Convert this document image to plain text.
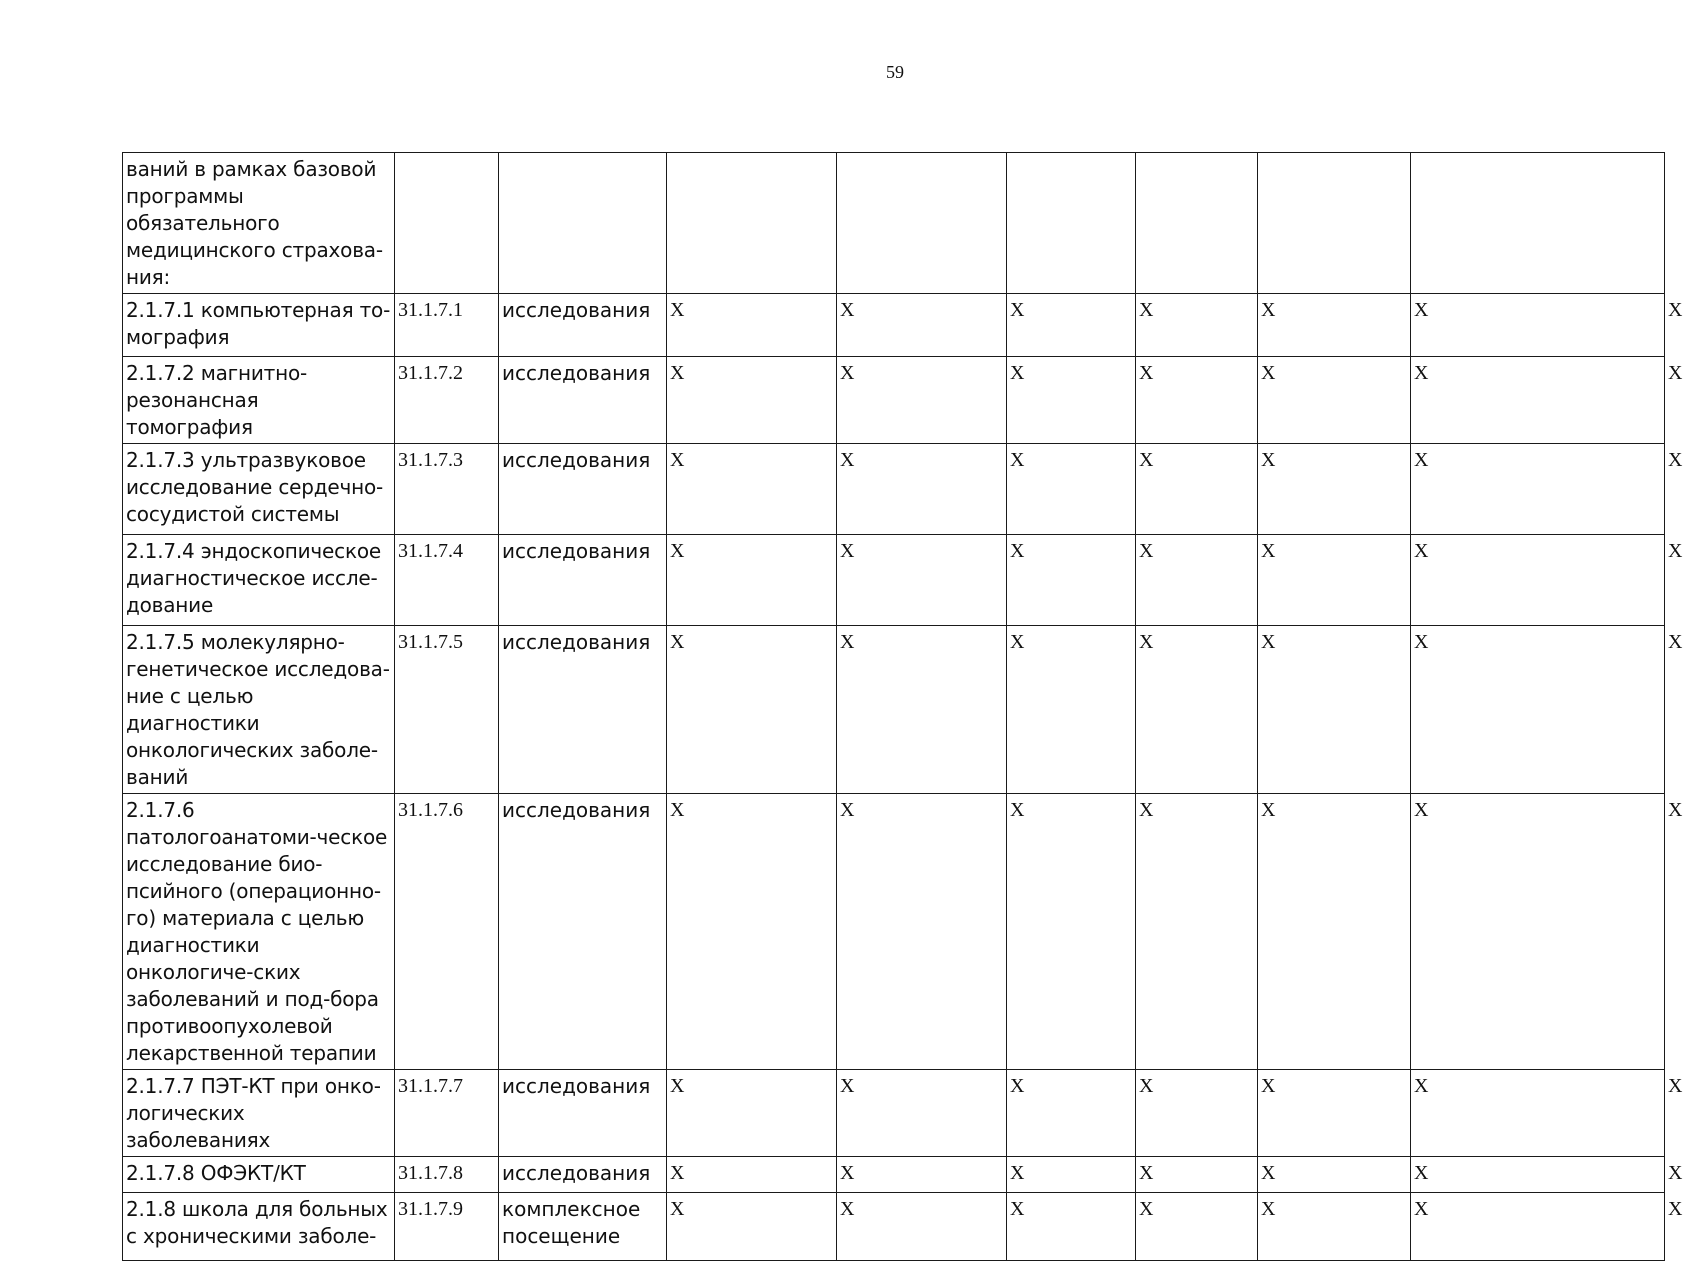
59
ваний в рамках базовой программы обязательного медицинского страхова-ния:									
2.1.7.1 компьютерная то-мография	31.1.7.1	исследования	X	X	X	X	X	X	X
2.1.7.2 магнитно-резонансная томография	31.1.7.2	исследования	X	X	X	X	X	X	X
2.1.7.3 ультразвуковое исследование сердечно-сосудистой системы	31.1.7.3	исследования	X	X	X	X	X	X	X
2.1.7.4 эндоскопическое диагностическое иссле-дование	31.1.7.4	исследования	X	X	X	X	X	X	X
2.1.7.5 молекулярно-генетическое исследова-ние с целью диагностики онкологических заболе-ваний	31.1.7.5	исследования	X	X	X	X	X	X	X
2.1.7.6 патологоанатоми-ческое исследование био-псийного (операционно-го) материала с целью диагностики онкологиче-ских заболеваний и под-бора противоопухолевой лекарственной терапии	31.1.7.6	исследования	X	X	X	X	X	X	X
2.1.7.7 ПЭТ-КТ при онко-логических заболеваниях	31.1.7.7	исследования	X	X	X	X	X	X	X
2.1.7.8 ОФЭКТ/КТ	31.1.7.8	исследования	X	X	X	X	X	X	X
2.1.8 школа для больных с хроническими заболе-	31.1.7.9	комплексное посещение	X	X	X	X	X	X	X
